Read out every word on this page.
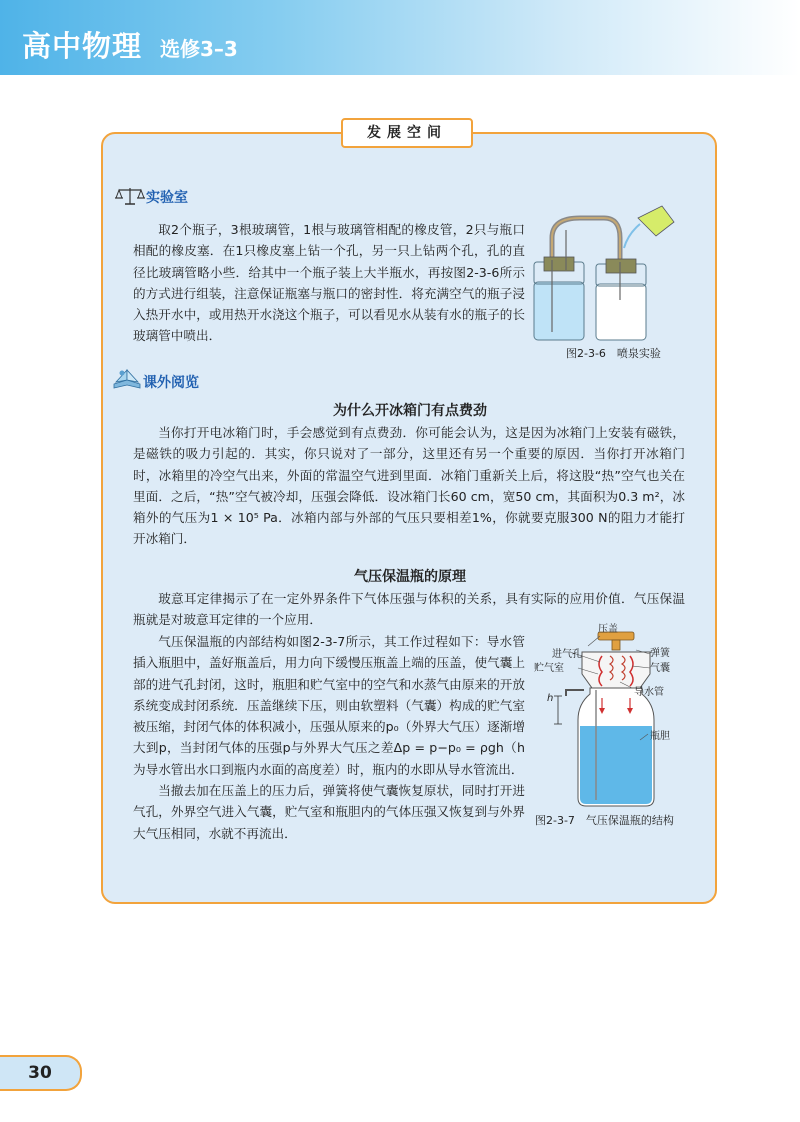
高中物理 选修3–3
发展空间
实验室

取2个瓶子，3根玻璃管，1根与玻璃管相配的橡皮管，2只与瓶口相配的橡皮塞．在1只橡皮塞上钻一个孔，另一只上钻两个孔，孔的直径比玻璃管略小些．给其中一个瓶子装上大半瓶水，再按图2-3-6所示的方式进行组装，注意保证瓶塞与瓶口的密封性．将充满空气的瓶子浸入热开水中，或用热开水浇这个瓶子，可以看见水从装有水的瓶子的长玻璃管中喷出．

图2-3-6　喷泉实验
课外阅览
为什么开冰箱门有点费劲

当你打开电冰箱门时，手会感觉到有点费劲．你可能会认为，这是因为冰箱门上安装有磁铁，是磁铁的吸力引起的．其实，你只说对了一部分，这里还有另一个重要的原因．当你打开冰箱门时，冰箱里的冷空气出来，外面的常温空气进到里面．冰箱门重新关上后，将这股“热”空气也关在里面．之后，“热”空气被冷却，压强会降低．设冰箱门长60 cm，宽50 cm，其面积为0.3 m²，冰箱外的气压为1 × 10⁵ Pa．冰箱内部与外部的气压只要相差1%，你就要克服300 N的阻力才能打开冰箱门．

气压保温瓶的原理

玻意耳定律揭示了在一定外界条件下气体压强与体积的关系，具有实际的应用价值．气压保温瓶就是对玻意耳定律的一个应用．

气压保温瓶的内部结构如图2-3-7所示，其工作过程如下：导水管插入瓶胆中，盖好瓶盖后，用力向下缓慢压瓶盖上端的压盖，使气囊上部的进气孔封闭，这时，瓶胆和贮气室中的空气和水蒸气由原来的开放系统变成封闭系统．压盖继续下压，则由软塑料（气囊）构成的贮气室被压缩，封闭气体的体积减小，压强从原来的p₀（外界大气压）逐渐增大到p，当封闭气体的压强p与外界大气压之差Δp = p−p₀ = ρgh（h为导水管出水口到瓶内水面的高度差）时，瓶内的水即从导水管流出．

当撤去加在压盖上的压力后，弹簧将使气囊恢复原状，同时打开进气孔，外界空气进入气囊，贮气室和瓶胆内的气体压强又恢复到与外界大气压相同，水就不再流出．

压盖
进气孔	弹簧
贮气室	气囊
导水管
h
瓶胆
图2-3-7　气压保温瓶的结构
30
